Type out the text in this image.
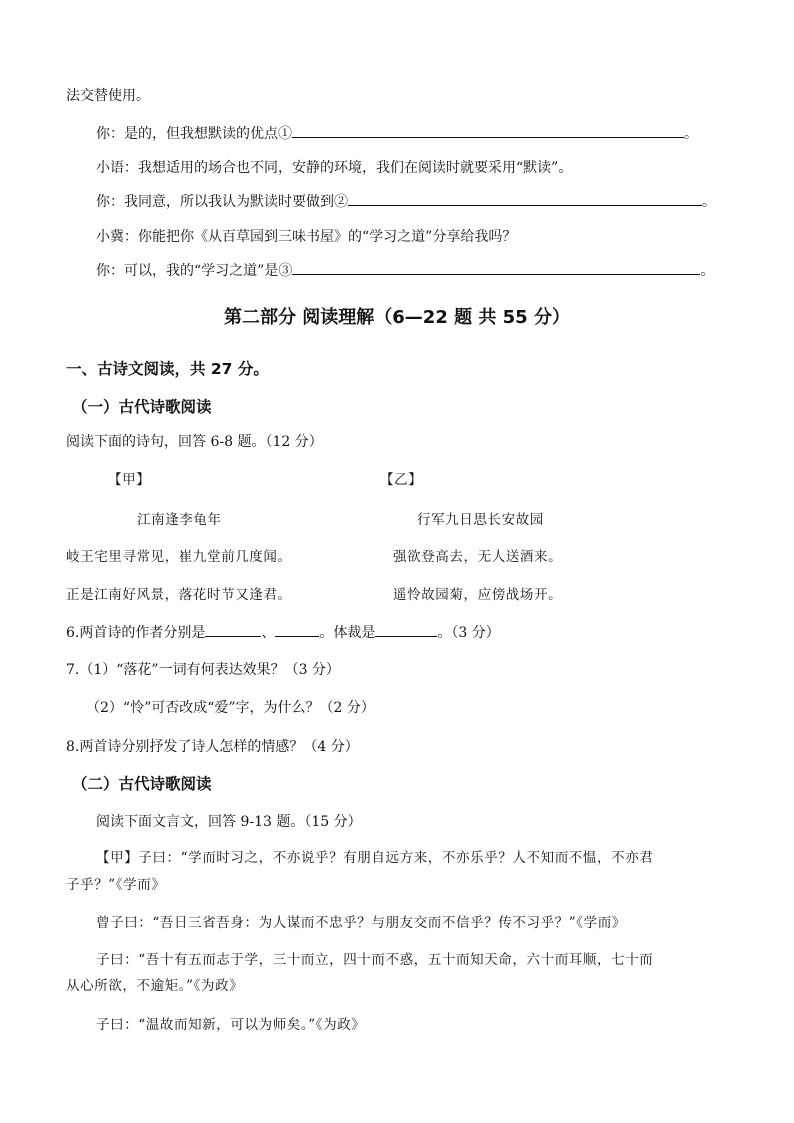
法交替使用。
你：是的，但我想默读的优点①	。
小语：我想适用的场合也不同，安静的环境，我们在阅读时就要采用“默读”。
你：我同意，所以我认为默读时要做到②	。
小冀：你能把你《从百草园到三味书屋》的“学习之道”分享给我吗？
你：可以，我的“学习之道”是③	。
第二部分 阅读理解（6—22 题 共 55 分）
一、古诗文阅读，共 27 分。
（一）古代诗歌阅读
阅读下面的诗句，回答 6-8 题。（12 分）
【甲】	【乙】
江南逢李龟年	行军九日思长安故园
岐王宅里寻常见，崔九堂前几度闻。	强欲登高去，无人送酒来。
正是江南好风景，落花时节又逢君。	遥怜故园菊，应傍战场开。
6.两首诗的作者分别是	、	。体裁是	。（3 分）
7.（1）“落花”一词有何表达效果？（3 分）
（2）“怜”可否改成“爱”字，为什么？（2 分）
8.两首诗分别抒发了诗人怎样的情感？（4 分）
（二）古代诗歌阅读
阅读下面文言文，回答 9-13 题。（15 分）
【甲】子曰：“学而时习之，不亦说乎？有朋自远方来，不亦乐乎？人不知而不愠，不亦君
子乎？”《学而》
曾子曰：“吾日三省吾身：为人谋而不忠乎？与朋友交而不信乎？传不习乎？”《学而》
子曰：“吾十有五而志于学，三十而立，四十而不惑，五十而知天命，六十而耳顺，七十而
从心所欲，不逾矩。”《为政》
子曰：“温故而知新，可以为师矣。”《为政》
